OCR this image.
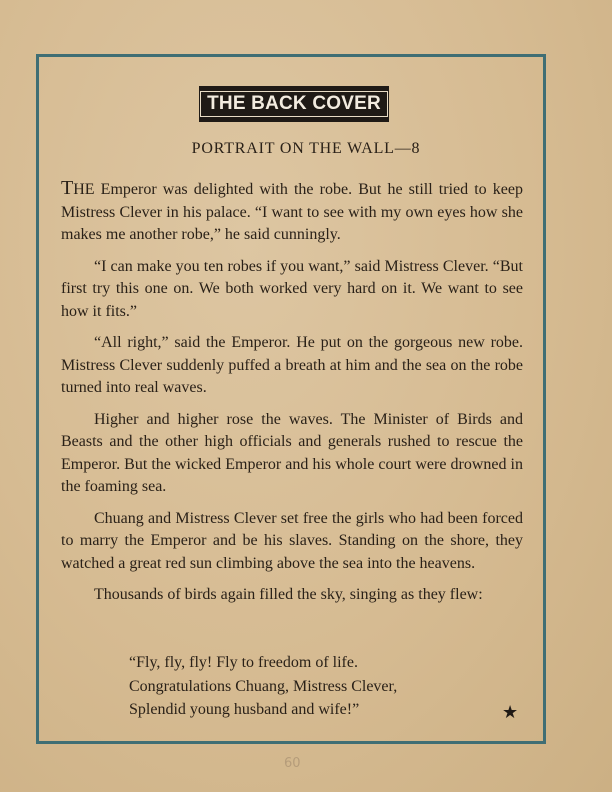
THE BACK COVER
PORTRAIT ON THE WALL—8

THE Emperor was delighted with the robe. But he still tried to keep Mistress Clever in his palace. “I want to see with my own eyes how she makes me another robe,” he said cunningly.

“I can make you ten robes if you want,” said Mistress Clever. “But first try this one on. We both worked very hard on it. We want to see how it fits.”

“All right,” said the Emperor. He put on the gorgeous new robe. Mistress Clever suddenly puffed a breath at him and the sea on the robe turned into real waves.

Higher and higher rose the waves. The Minister of Birds and Beasts and the other high officials and generals rushed to rescue the Emperor. But the wicked Emperor and his whole court were drowned in the foaming sea.

Chuang and Mistress Clever set free the girls who had been forced to marry the Emperor and be his slaves. Standing on the shore, they watched a great red sun climbing above the sea into the heavens.

Thousands of birds again filled the sky, singing as they flew:

“Fly, fly, fly! Fly to freedom of life.
Congratulations Chuang, Mistress Clever,
Splendid young husband and wife!”	★
60
